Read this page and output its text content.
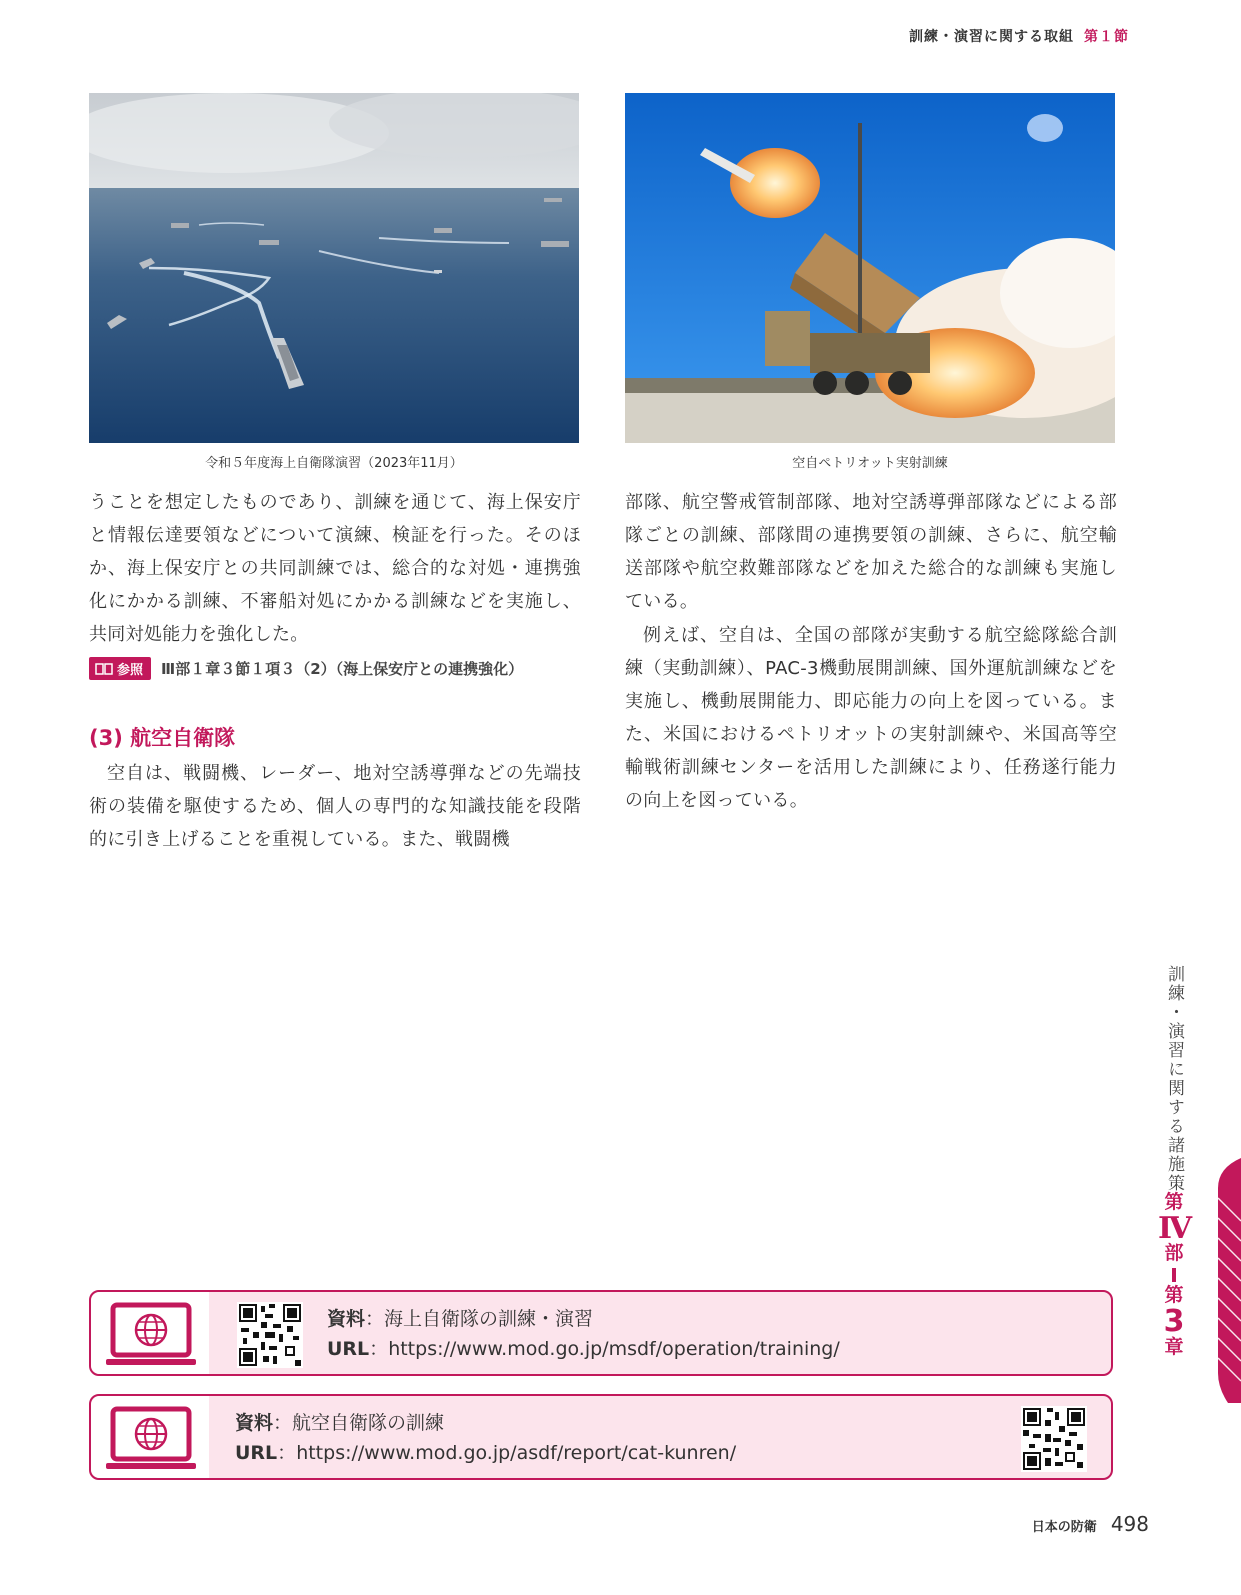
訓練・演習に関する取組 第１節
令和５年度海上自衛隊演習（2023年11月）	空自ペトリオット実射訓練

うことを想定したものであり、訓練を通じて、海上保安庁と情報伝達要領などについて演練、検証を行った。そのほか、海上保安庁との共同訓練では、総合的な対処・連携強化にかかる訓練、不審船対処にかかる訓練などを実施し、共同対処能力を強化した。

参照 Ⅲ部１章３節１項３（2）（海上保安庁との連携強化）
(3) 航空自衛隊

空自は、戦闘機、レーダー、地対空誘導弾などの先端技術の装備を駆使するため、個人の専門的な知識技能を段階的に引き上げることを重視している。また、戦闘機

部隊、航空警戒管制部隊、地対空誘導弾部隊などによる部隊ごとの訓練、部隊間の連携要領の訓練、さらに、航空輸送部隊や航空救難部隊などを加えた総合的な訓練も実施している。

例えば、空自は、全国の部隊が実動する航空総隊総合訓練（実動訓練）、PAC-3機動展開訓練、国外運航訓練などを実施し、機動展開能力、即応能力の向上を図っている。また、米国におけるペトリオットの実射訓練や、米国高等空輸戦術訓練センターを活用した訓練により、任務遂行能力の向上を図っている。

訓練・演習に関する諸施策
第
Ⅳ
部
第
3
章
資料：海上自衛隊の訓練・演習
URL：https://www.mod.go.jp/msdf/operation/training/
資料：航空自衛隊の訓練
URL：https://www.mod.go.jp/asdf/report/cat-kunren/
日本の防衛 498
